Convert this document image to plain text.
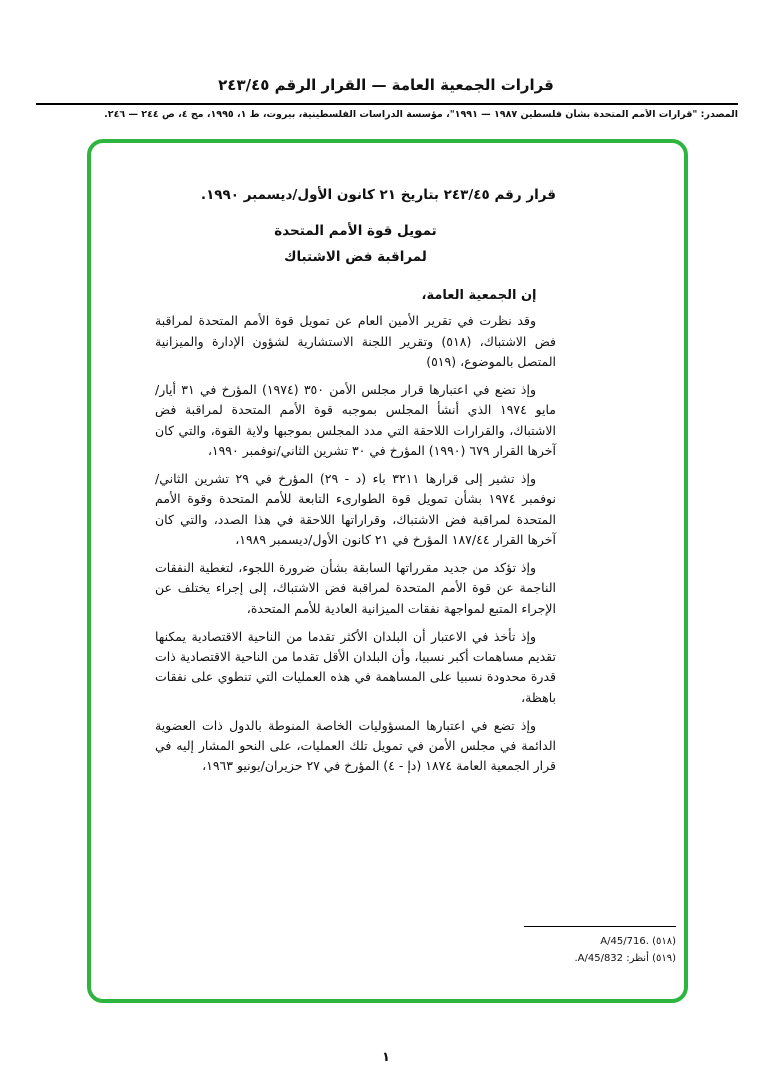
قرارات الجمعية العامة — القرار الرقم ٢٤٣/٤٥
المصدر: "قرارات الأمم المتحدة بشأن فلسطين ١٩٨٧ — ١٩٩١"، مؤسسة الدراسات الفلسطينية، بيروت، ط ١، ١٩٩٥، مج ٤، ص ٢٤٤ — ٢٤٦.

قرار رقم ٢٤٣/٤٥ بتاريخ ٢١ كانون الأول/ديسمبر ١٩٩٠.

تمويل قوة الأمم المتحدة

لمراقبة فض الاشتباك

إن الجمعية العامة،

وقد نظرت في تقرير الأمين العام عن تمويل قوة الأمم المتحدة لمراقبة فض الاشتباك، (٥١٨) وتقرير اللجنة الاستشارية لشؤون الإدارة والميزانية المتصل بالموضوع، (٥١٩)

وإذ تضع في اعتبارها قرار مجلس الأمن ٣٥٠ (١٩٧٤) المؤرخ في ٣١ أيار/مايو ١٩٧٤ الذي أنشأ المجلس بموجبه قوة الأمم المتحدة لمراقبة فض الاشتباك، والقرارات اللاحقة التي مدد المجلس بموجبها ولاية القوة، والتي كان آخرها القرار ٦٧٩ (١٩٩٠) المؤرخ في ٣٠ تشرين الثاني/نوفمبر ١٩٩٠،

وإذ تشير إلى قرارها ٣٢١١ باء (د - ٢٩) المؤرخ في ٢٩ تشرين الثاني/نوفمبر ١٩٧٤ بشأن تمويل قوة الطوارىء التابعة للأمم المتحدة وقوة الأمم المتحدة لمراقبة فض الاشتباك، وقراراتها اللاحقة في هذا الصدد، والتي كان آخرها القرار ١٨٧/٤٤ المؤرخ في ٢١ كانون الأول/ديسمبر ١٩٨٩،

وإذ تؤكد من جديد مقرراتها السابقة بشأن ضرورة اللجوء، لتغطية النفقات الناجمة عن قوة الأمم المتحدة لمراقبة فض الاشتباك، إلى إجراء يختلف عن الإجراء المتبع لمواجهة نفقات الميزانية العادية للأمم المتحدة،

وإذ تأخذ في الاعتبار أن البلدان الأكثر تقدما من الناحية الاقتصادية يمكنها تقديم مساهمات أكبر نسبيا، وأن البلدان الأقل تقدما من الناحية الاقتصادية ذات قدرة محدودة نسبيا على المساهمة في هذه العمليات التي تنطوي على نفقات باهظة،

وإذ تضع في اعتبارها المسؤوليات الخاصة المنوطة بالدول ذات العضوية الدائمة في مجلس الأمن في تمويل تلك العمليات، على النحو المشار إليه في قرار الجمعية العامة ١٨٧٤ (دإ - ٤) المؤرخ في ٢٧ حزيران/يونيو ١٩٦٣،

(٥١٨) A/45/716.
(٥١٩) أنظر: A/45/832.
١
